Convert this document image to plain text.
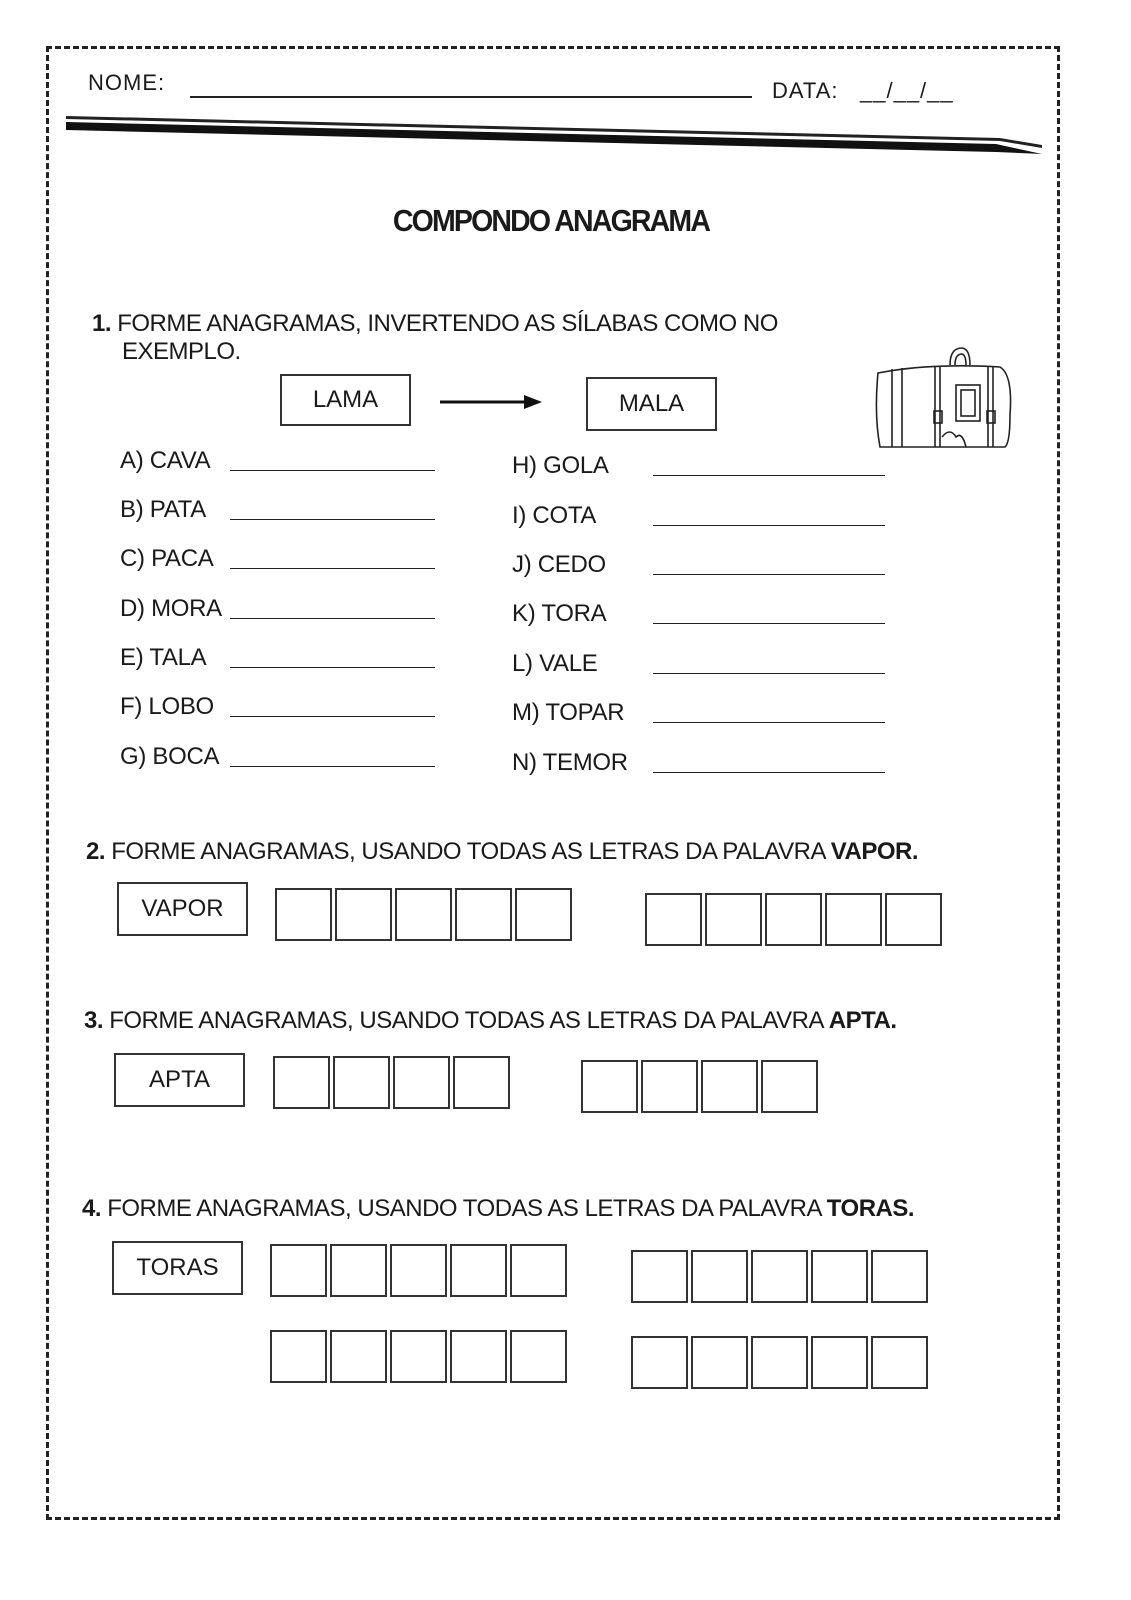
NOME:	DATA: __/__/__
COMPONDO ANAGRAMA
1. FORME ANAGRAMAS, INVERTENDO AS SÍLABAS COMO NO
EXEMPLO.
LAMA	MALA
A) CAVA
B) PATA
C) PACA
D) MORA
E) TALA
F) LOBO
G) BOCA
H) GOLA
I) COTA
J) CEDO
K) TORA
L) VALE
M) TOPAR
N) TEMOR
2. FORME ANAGRAMAS, USANDO TODAS AS LETRAS DA PALAVRA VAPOR.
VAPOR
3. FORME ANAGRAMAS, USANDO TODAS AS LETRAS DA PALAVRA APTA.
APTA
4. FORME ANAGRAMAS, USANDO TODAS AS LETRAS DA PALAVRA TORAS.
TORAS
